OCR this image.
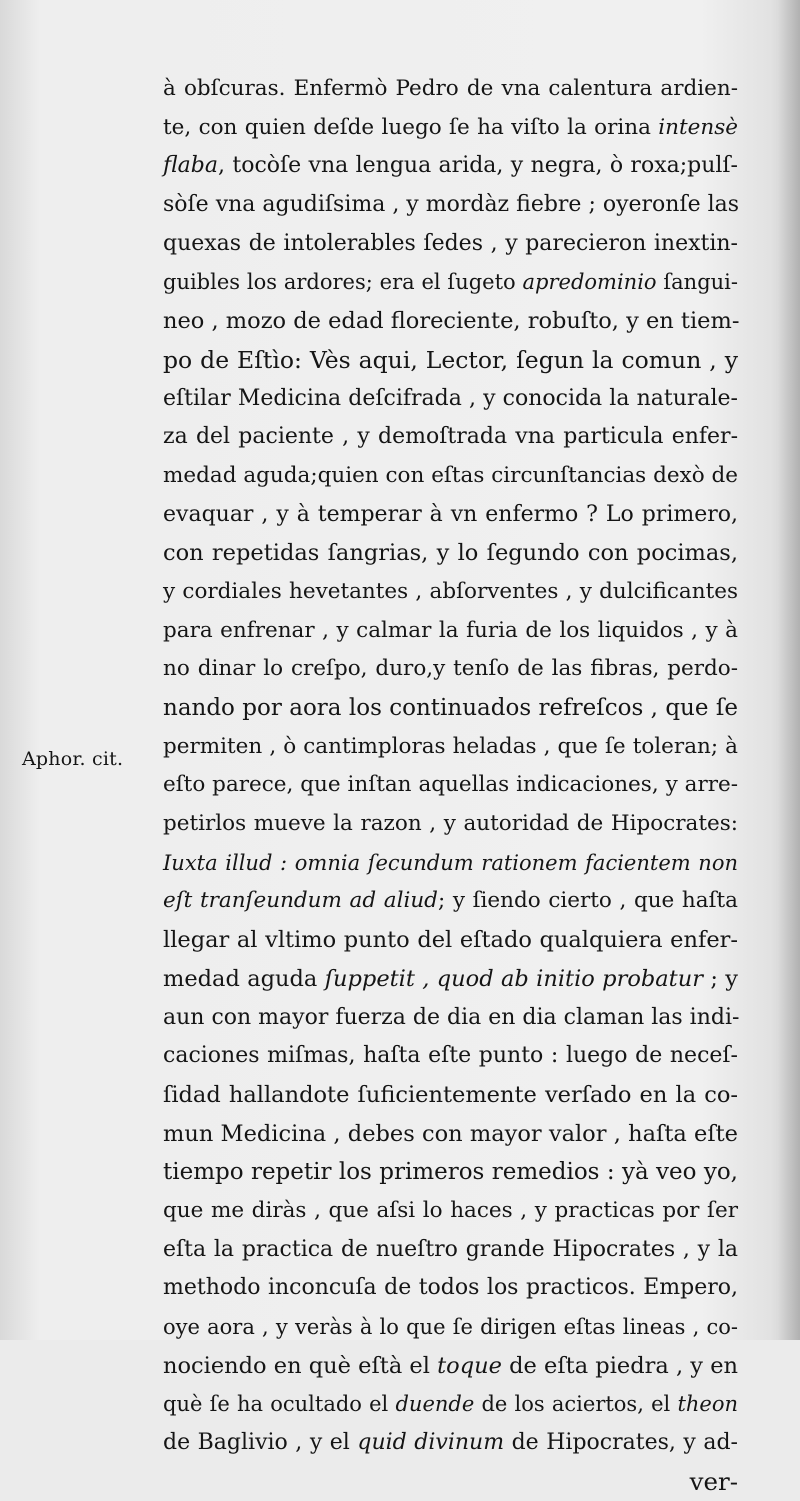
Aphor. cit.
à obſcuras. Enfermò Pedro de vna calentura ardien-
te, con quien deſde luego ſe ha viſto la orina intensè
flaba, tocòſe vna lengua arida, y negra, ò roxa;pulſ-
sòſe vna agudiſsima , y mordàz fiebre ; oyeronſe las
quexas de intolerables ſedes , y parecieron inextin-
guibles los ardores; era el ſugeto apredominio ſangui-
neo , mozo de edad floreciente, robuſto, y en tiem-
po de Eſtìo: Vès aqui, Lector, ſegun la comun , y
eſtilar Medicina deſcifrada , y conocida la naturale-
za del paciente , y demoſtrada vna particula enfer-
medad aguda;quien con eſtas circunſtancias dexò de
evaquar , y à temperar à vn enfermo ? Lo primero,
con repetidas ſangrias, y lo ſegundo con pocimas,
y cordiales hevetantes , abſorventes , y dulcificantes
para enfrenar , y calmar la furia de los liquidos , y à
no dinar lo creſpo, duro,y tenſo de las fibras, perdo-
nando por aora los continuados refreſcos , que ſe
permiten , ò cantimploras heladas , que ſe toleran; à
eſto parece, que inſtan aquellas indicaciones, y arre-
petirlos mueve la razon , y autoridad de Hipocrates:
Iuxta illud : omnia ſecundum rationem facientem non
eſt tranſeundum ad aliud; y ſiendo cierto , que haſta
llegar al vltimo punto del eſtado qualquiera enfer-
medad aguda ſuppetit , quod ab initio probatur ; y
aun con mayor fuerza de dia en dia claman las indi-
caciones miſmas, haſta eſte punto : luego de neceſ-
ſidad hallandote ſuficientemente verſado en la co-
mun Medicina , debes con mayor valor , haſta eſte
tiempo repetir los primeros remedios : yà veo yo,
que me diràs , que aſsi lo haces , y practicas por ſer
eſta la practica de nueſtro grande Hipocrates , y la
methodo inconcuſa de todos los practicos. Empero,
oye aora , y veràs à lo que ſe dirigen eſtas lineas , co-
nociendo en què eſtà el toque de eſta piedra , y en
què ſe ha ocultado el duende de los aciertos, el theon
de Baglivio , y el quid divinum de Hipocrates, y ad-
ver-
